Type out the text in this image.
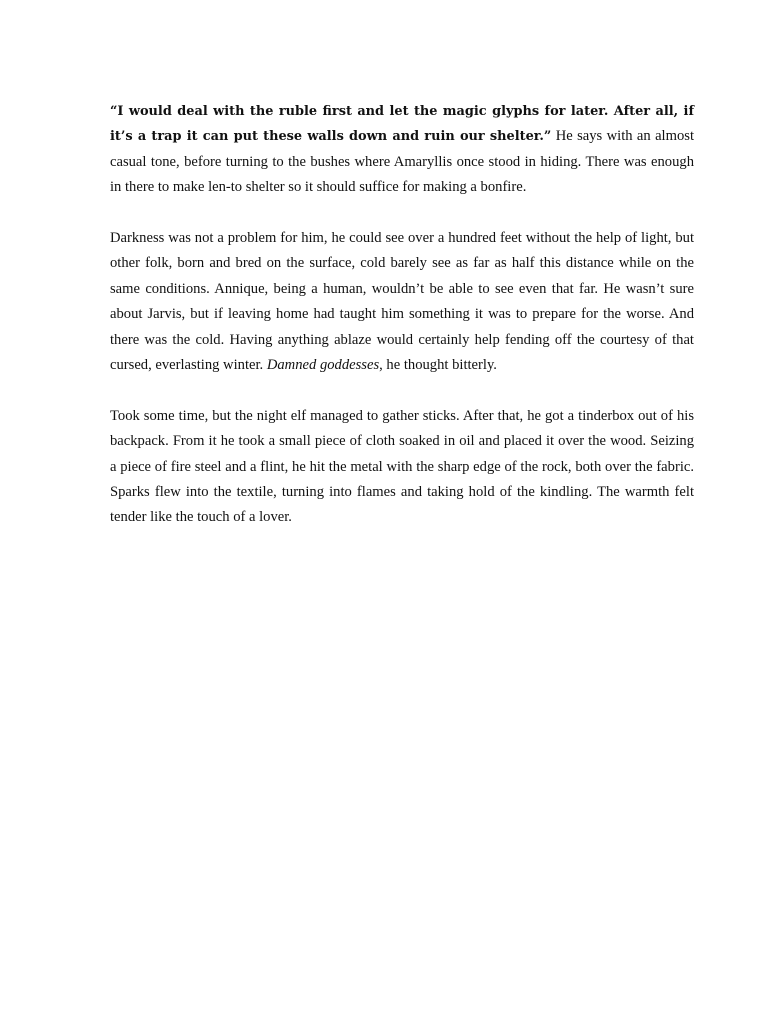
“I would deal with the ruble first and let the magic glyphs for later. After all, if it’s a trap it can put these walls down and ruin our shelter.” He says with an almost casual tone, before turning to the bushes where Amaryllis once stood in hiding. There was enough in there to make len-to shelter so it should suffice for making a bonfire.

Darkness was not a problem for him, he could see over a hundred feet without the help of light, but other folk, born and bred on the surface, cold barely see as far as half this distance while on the same conditions. Annique, being a human, wouldn’t be able to see even that far. He wasn’t sure about Jarvis, but if leaving home had taught him something it was to prepare for the worse. And there was the cold. Having anything ablaze would certainly help fending off the courtesy of that cursed, everlasting winter. Damned goddesses, he thought bitterly.

Took some time, but the night elf managed to gather sticks. After that, he got a tinderbox out of his backpack. From it he took a small piece of cloth soaked in oil and placed it over the wood. Seizing a piece of fire steel and a flint, he hit the metal with the sharp edge of the rock, both over the fabric. Sparks flew into the textile, turning into flames and taking hold of the kindling. The warmth felt tender like the touch of a lover.
